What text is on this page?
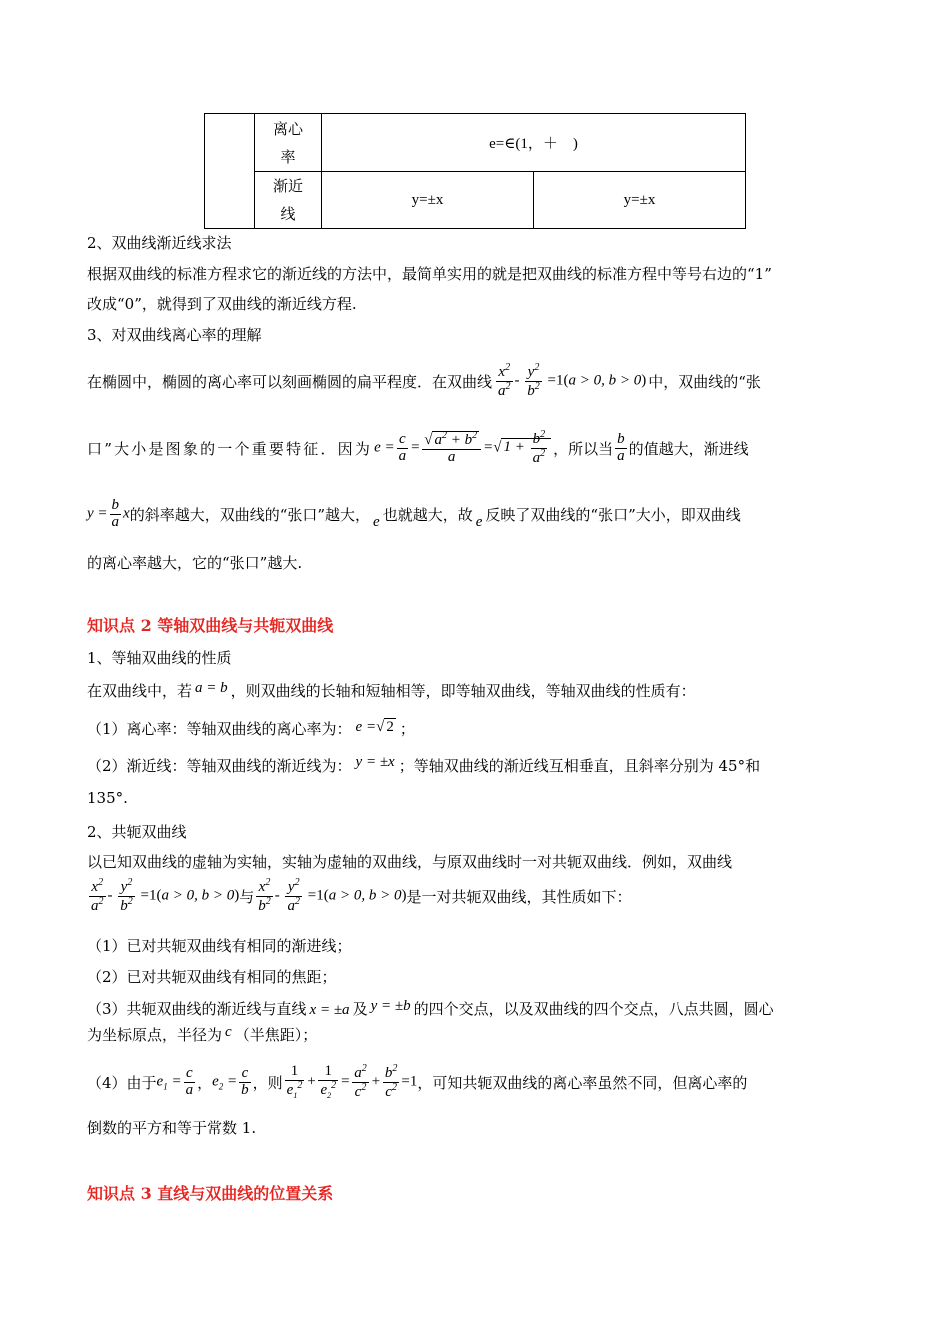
	离心
率	e=∈(1，＋　)	
	渐近
线	y=±x	y=±x
2、双曲线渐近线求法
根据双曲线的标准方程求它的渐近线的方法中，最简单实用的就是把双曲线的标准方程中等号右边的“1”
改成“0”，就得到了双曲线的渐近线方程.
3、对双曲线离心率的理解
在椭圆中，椭圆的离心率可以刻画椭圆的扁平程度．在双曲线 $\frac{x^2}{a^2} - \frac{y^2}{b^2} =1(a > 0$, b > 0) 中，双曲线的“张
口”大小是图象的一个重要特征．因为 $e = \frac{c}{a} = \frac{√ a^2 + b^2}{a}$ =√ $1 + \frac{b^2}{a^2}$ ，所以当 $\frac{b}{a}$ 的值越大，渐进线
$y = \frac{b}{a}$ x 的斜率越大，双曲线的“张口”越大， e 也就越大，故 e 反映了双曲线的“张口”大小，即双曲线
的离心率越大，它的“张口”越大.
知识点 2 等轴双曲线与共轭双曲线
1、等轴双曲线的性质
在双曲线中，若 a = b ，则双曲线的长轴和短轴相等，即等轴双曲线，等轴双曲线的性质有：
（1）离心率：等轴双曲线的离心率为： e =√ 2 ；
（2）渐近线：等轴双曲线的渐近线为： y = ±x ；等轴双曲线的渐近线互相垂直，且斜率分别为 45°和
135°.
2、共轭双曲线
以已知双曲线的虚轴为实轴，实轴为虚轴的双曲线，与原双曲线时一对共轭双曲线．例如，双曲线
$\frac{x^2}{a^2} - \frac{y^2}{b^2} =1(a > 0$, b > 0) 与 $\frac{x^2}{b^2} - \frac{y^2}{a^2} =1(a > 0$, b > 0) 是一对共轭双曲线，其性质如下：
（1）已对共轭双曲线有相同的渐进线；
（2）已对共轭双曲线有相同的焦距；
（3）共轭双曲线的渐近线与直线 x = ±a 及 y = ±b 的四个交点，以及双曲线的四个交点，八点共圆，圆心
为坐标原点，半径为 c （半焦距）；
（4）由于 $e_1 = \frac{c}{a}$ ， $e_2 = \frac{c}{b}$ ，则 $\frac{1}{e_1^2} + \frac{1}{e_2^2} = \frac{a^2}{c^2} + \frac{b^2}{c^2} =1$ ，可知共轭双曲线的离心率虽然不同，但离心率的
倒数的平方和等于常数 1.
知识点 3 直线与双曲线的位置关系
